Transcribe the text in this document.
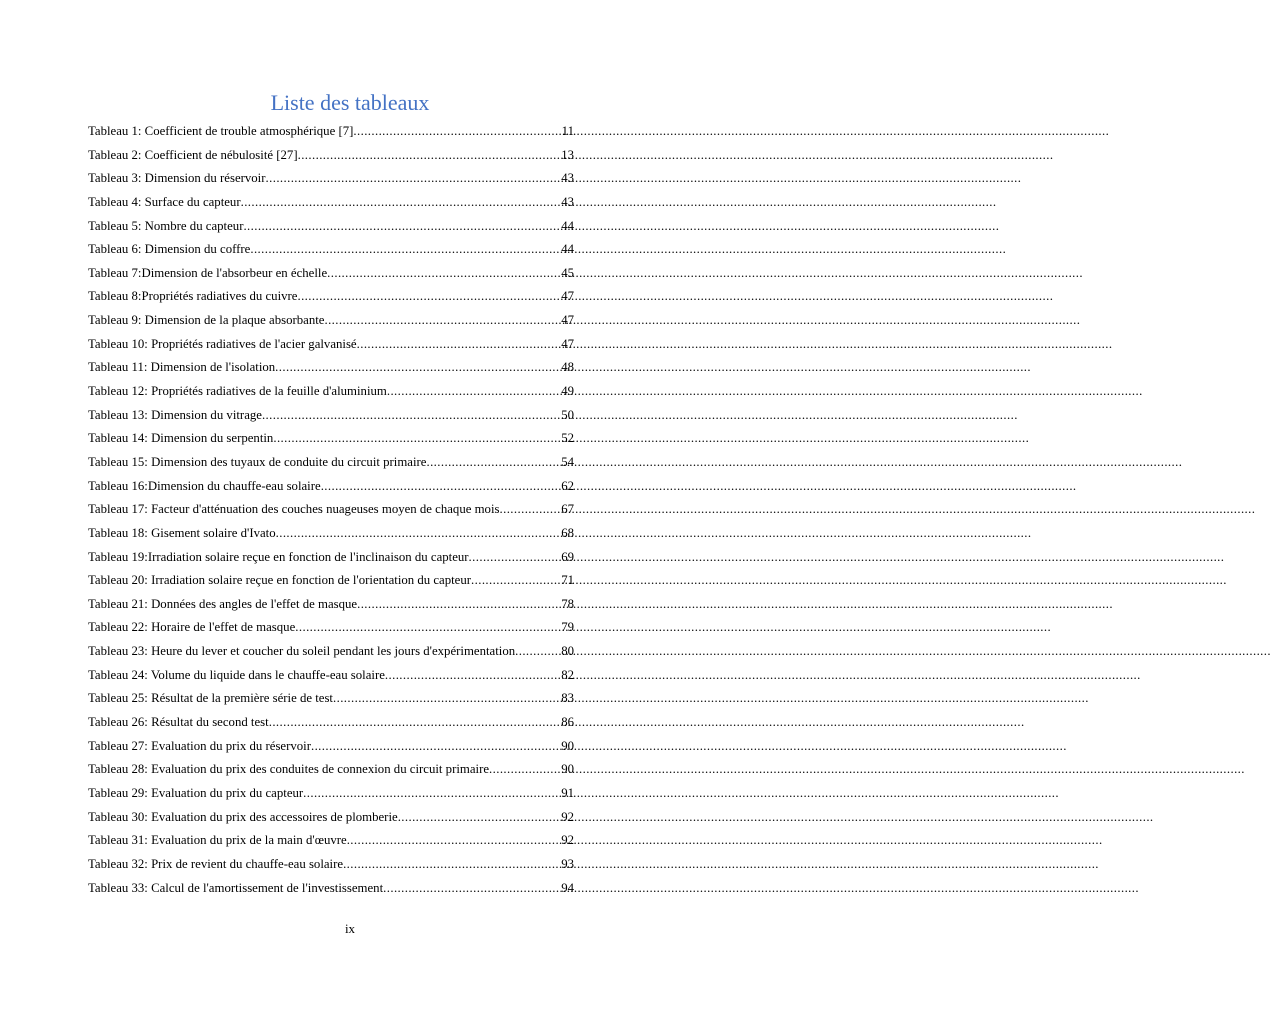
Liste des tableaux
Tableau 1: Coefficient de trouble atmosphérique [7] .....	11
Tableau 2: Coefficient de nébulosité [27] .....	13
Tableau 3: Dimension du réservoir .....	43
Tableau 4: Surface du capteur .....	43
Tableau 5: Nombre du capteur .....	44
Tableau 6: Dimension du coffre .....	44
Tableau 7:Dimension de l'absorbeur en échelle .....	45
Tableau 8:Propriétés radiatives du cuivre .....	47
Tableau 9: Dimension de la plaque absorbante .....	47
Tableau 10: Propriétés radiatives de l'acier galvanisé .....	47
Tableau 11: Dimension de l'isolation .....	48
Tableau 12: Propriétés radiatives de la feuille d'aluminium .....	49
Tableau 13: Dimension du vitrage .....	50
Tableau 14: Dimension du serpentin .....	52
Tableau 15: Dimension des tuyaux de conduite du circuit primaire .....	54
Tableau 16:Dimension du chauffe-eau solaire .....	62
Tableau 17: Facteur d'atténuation des couches nuageuses moyen de chaque mois .....	67
Tableau 18: Gisement solaire d'Ivato .....	68
Tableau 19:Irradiation solaire reçue en fonction de l'inclinaison du capteur .....	69
Tableau 20: Irradiation solaire reçue en fonction de l'orientation du capteur .....	71
Tableau 21: Données des angles de l'effet de masque .....	78
Tableau 22: Horaire de l'effet de masque .....	79
Tableau 23: Heure du lever et coucher du soleil pendant les jours d'expérimentation .....	80
Tableau 24: Volume du liquide dans le chauffe-eau solaire .....	82
Tableau 25: Résultat de la première série de test .....	83
Tableau 26: Résultat du second test .....	86
Tableau 27: Evaluation du prix du réservoir .....	90
Tableau 28: Evaluation du prix des conduites de connexion du circuit primaire .....	90
Tableau 29: Evaluation du prix du capteur .....	91
Tableau 30: Evaluation du prix des accessoires de plomberie .....	92
Tableau 31: Evaluation du prix de la main d'œuvre .....	92
Tableau 32: Prix de revient du chauffe-eau solaire .....	93
Tableau 33: Calcul de l'amortissement de l'investissement .....	94
ix
